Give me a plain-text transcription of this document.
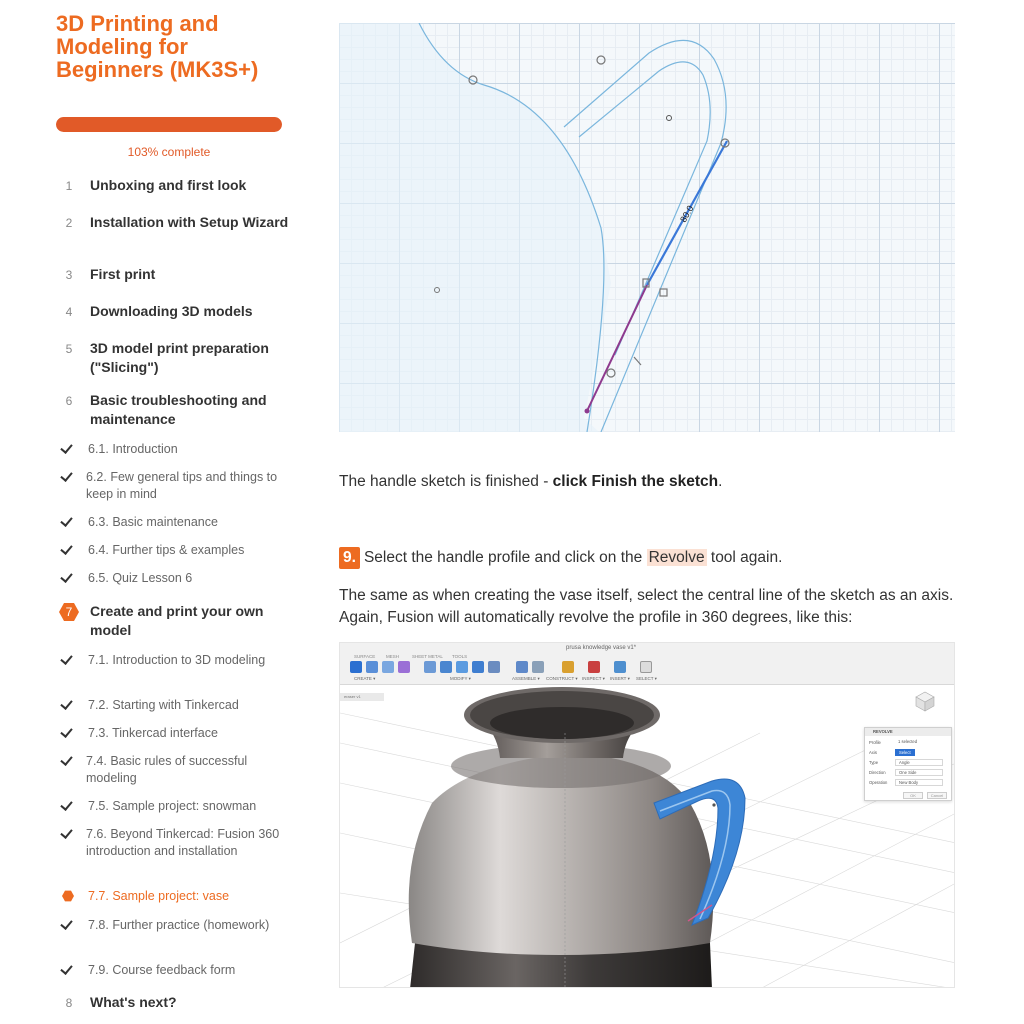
3D Printing and Modeling for Beginners (MK3S+)
103% complete
1	Unboxing and first look
2	Installation with Setup Wizard
3	First print
4	Downloading 3D models
5	3D model print preparation ("Slicing")
6	Basic troubleshooting and maintenance
6.1. Introduction
6.2. Few general tips and things to keep in mind
6.3. Basic maintenance
6.4. Further tips & examples
6.5. Quiz Lesson 6
7	Create and print your own model
7.1. Introduction to 3D modeling
7.2. Starting with Tinkercad
7.3. Tinkercad interface
7.4. Basic rules of successful modeling
7.5. Sample project: snowman
7.6. Beyond Tinkercad: Fusion 360 introduction and installation
7.7. Sample project: vase
7.8. Further practice (homework)
7.9. Course feedback form
8	What's next?
80.0
The handle sketch is finished - click Finish the sketch.
9. Select the handle profile and click on the Revolve tool again.
The same as when creating the vase itself, select the central line of the sketch as an axis. Again, Fusion will automatically revolve the profile in 360 degrees, like this:
prusa knowledge vase v1*
SURFACE MESH	SHEET METAL TOOLS
CREATE ▾	MODIFY ▾	ASSEMBLE ▾ CONSTRUCT ▾ INSPECT ▾ INSERT ▾ SELECT ▾
eraser v1
REVOLVE
Profile	1 selected
Axis	Select
Type	Angle
Direction	One Side
Operation	New Body
OK	Cancel
